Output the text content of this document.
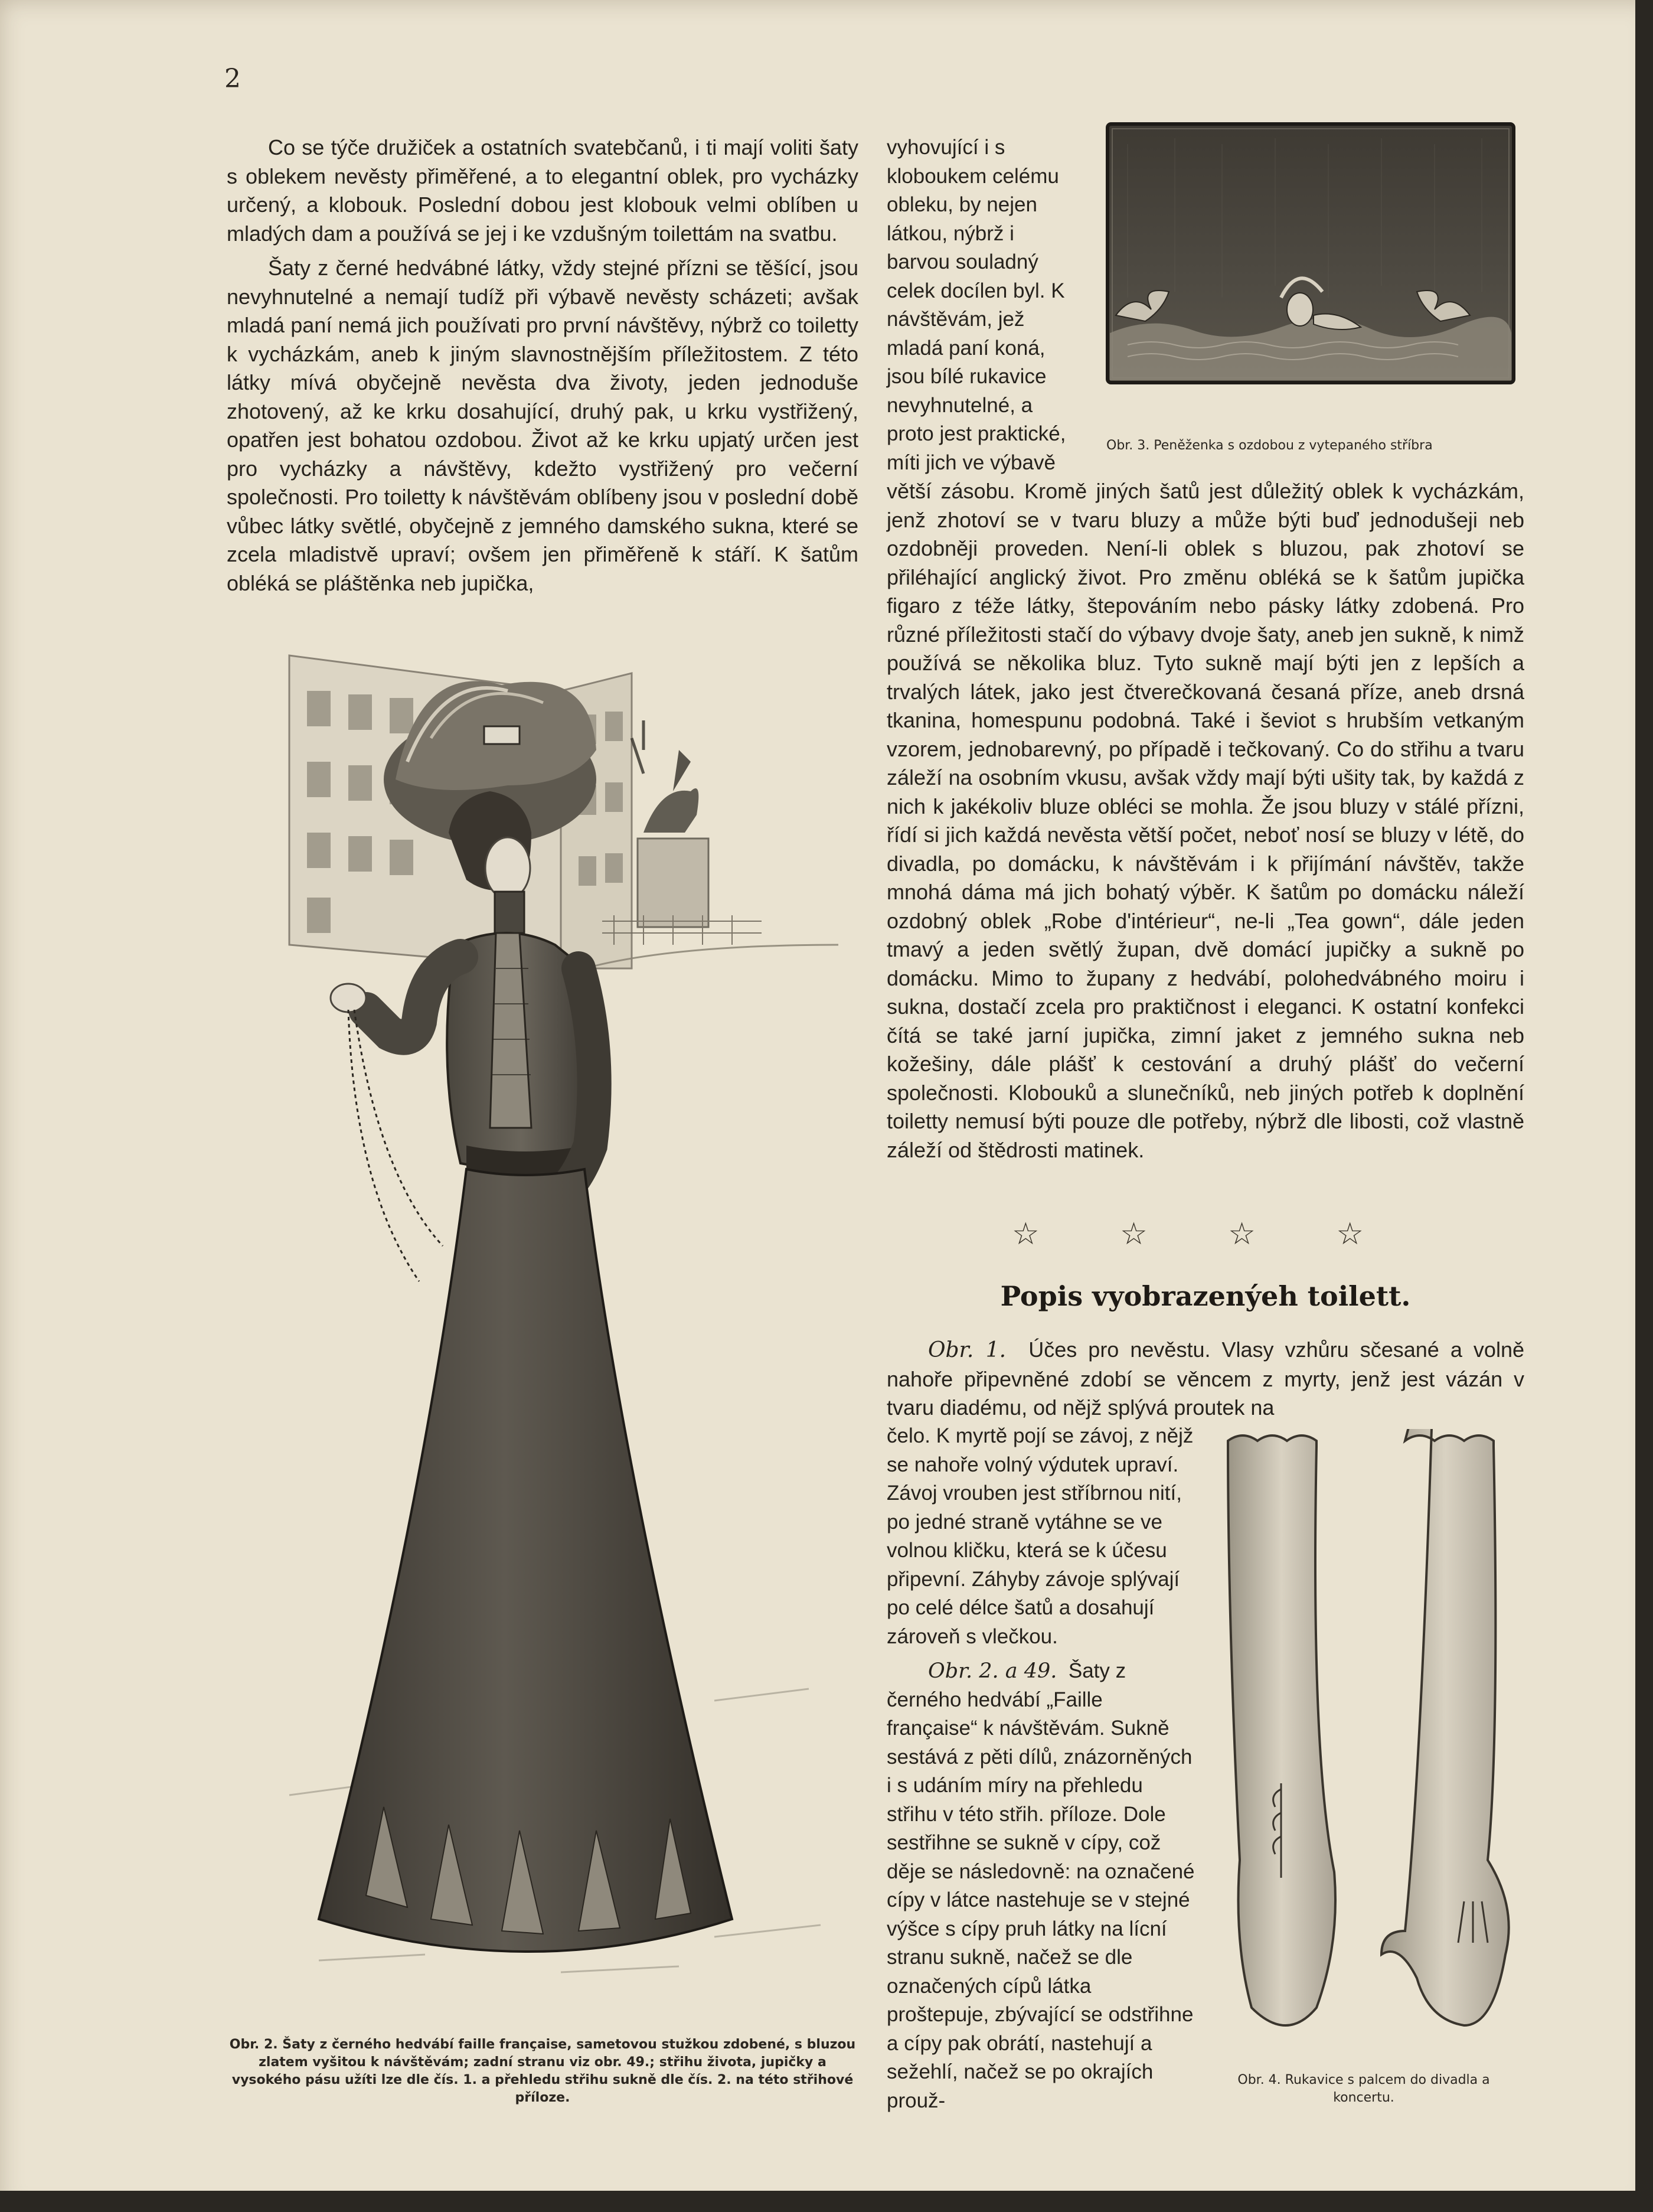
2

Co se týče družiček a ostatních svatebčanů, i ti mají voliti šaty s oblekem nevěsty přiměřené, a to elegantní oblek, pro vycházky určený, a klobouk. Poslední dobou jest klobouk velmi oblíben u mladých dam a používá se jej i ke vzdušným toilettám na svatbu.

Šaty z černé hedvábné látky, vždy stejné přízni se těšící, jsou nevyhnutelné a nemají tudíž při výbavě nevěsty scházeti; avšak mladá paní nemá jich používati pro první návštěvy, nýbrž co toiletty k vycházkám, aneb k jiným slavnostnějším příležitostem. Z této látky mívá obyčejně nevěsta dva životy, jeden jednoduše zhotovený, až ke krku dosahující, druhý pak, u krku vystřižený, opatřen jest bohatou ozdobou. Život až ke krku upjatý určen jest pro vycházky a návštěvy, kdežto vystřižený pro večerní společnosti. Pro toiletty k návštěvám oblíbeny jsou v poslední době vůbec látky světlé, obyčejně z jemného damského sukna, které se zcela mladistvě upraví; ovšem jen přiměřeně k stáří. K šatům obléká se pláštěnka neb jupička,

vyhovující i s kloboukem celému obleku, by nejen látkou, nýbrž i barvou souladný celek docílen byl. K návštěvám, jež mladá paní koná, jsou bílé rukavice nevyhnutelné, a proto jest praktické, míti jich ve výbavě

Obr. 3. Peněženka s ozdobou z vytepaného stříbra

větší zásobu. Kromě jiných šatů jest důležitý oblek k vycházkám, jenž zhotoví se v tvaru bluzy a může býti buď jednodušeji neb ozdobněji proveden. Není-li oblek s bluzou, pak zhotoví se přiléhající anglický život. Pro změnu obléká se k šatům jupička figaro z téže látky, štepováním nebo pásky látky zdobená. Pro různé příležitosti stačí do výbavy dvoje šaty, aneb jen sukně, k nimž používá se několika bluz. Tyto sukně mají býti jen z lepších a trvalých látek, jako jest čtverečkovaná česaná příze, aneb drsná tkanina, homespunu podobná. Také i ševiot s hrubším vetkaným vzorem, jednobarevný, po případě i tečkovaný. Co do střihu a tvaru záleží na osobním vkusu, avšak vždy mají býti ušity tak, by každá z nich k jakékoliv bluze obléci se mohla. Že jsou bluzy v stálé přízni, řídí si jich každá nevěsta větší počet, neboť nosí se bluzy v létě, do divadla, po domácku, k návštěvám i k přijímání návštěv, takže mnohá dáma má jich bohatý výběr. K šatům po domácku náleží ozdobný oblek „Robe d'intérieur“, ne-li „Tea gown“, dále jeden tmavý a jeden světlý župan, dvě domácí jupičky a sukně po domácku. Mimo to župany z hedvábí, polohedvábného moiru i sukna, dostačí zcela pro praktičnost i eleganci. K ostatní konfekci čítá se také jarní jupička, zimní jaket z jemného sukna neb kožešiny, dále plášť k cestování a druhý plášť do večerní společnosti. Klobouků a slunečníků, neb jiných potřeb k doplnění toiletty nemusí býti pouze dle potřeby, nýbrž dle libosti, což vlastně záleží od štědrosti matinek.

☆ ☆ ☆ ☆
Popis vyobrazenýeh toilett.

Obr. 1. Účes pro nevěstu. Vlasy vzhůru sčesané a volně nahoře připevněné zdobí se věncem z myrty, jenž jest vázán v tvaru diadému, od nějž splývá proutek na

čelo. K myrtě pojí se závoj, z nějž se nahoře volný výdutek upraví. Závoj vrouben jest stříbrnou nití, po jedné straně vytáhne se ve volnou kličku, která se k účesu připevní. Záhyby závoje splývají po celé délce šatů a dosahují zároveň s vlečkou.

Obr. 2. a 49. Šaty z černého hedvábí „Faille française“ k návštěvám. Sukně sestává z pěti dílů, znázorněných i s udáním míry na přehledu střihu v této střih. příloze. Dole sestřihne se sukně v cípy, což děje se následovně: na označené cípy v látce nastehuje se v stejné výšce s cípy pruh látky na lícní stranu sukně, načež se dle označených cípů látka proštepuje, zbývající se odstřihne a cípy pak obrátí, nastehují a sežehlí, načež se po okrajích prouž-

Obr. 2. Šaty z černého hedvábí faille française, sametovou stužkou zdobené, s bluzou zlatem vyšitou k návštěvám; zadní stranu viz obr. 49.; střihu života, jupičky a vysokého pásu užíti lze dle čís. 1. a přehledu střihu sukně dle čís. 2. na této střihové příloze.
Obr. 4. Rukavice s palcem do divadla a koncertu.
